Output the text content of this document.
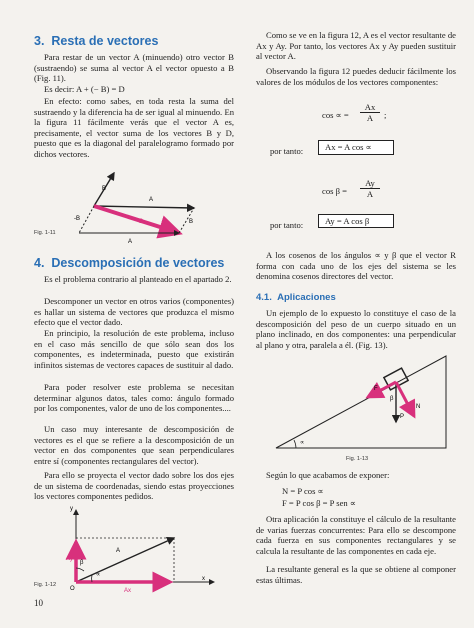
3. Resta de vectores
Para restar de un vector A (minuendo) otro vector B (sustraendo) se suma al vector A el vector opuesto a B (Fig. 11).
Es decir: A + (− B) = D
En efecto: como sabes, en toda resta la suma del sustraendo y la diferencia ha de ser igual al minuendo. En la figura 11 fácilmente verás que el vector A es, precisamente, el vector suma de los vectores B y D, puesto que es la diagonal del paralelogramo formado por dichos vectores.
B
A
-B	B
D
A
Fig. 1-11
4. Descomposición de vectores
Es el problema contrario al planteado en el apartado 2.
Descomponer un vector en otros varios (componentes) es hallar un sistema de vectores que produzca el mismo efecto que el vector dado.
En principio, la resolución de este problema, incluso en el caso más sencillo de que sólo sean dos los componentes, es indeterminada, puesto que existirán infinitos sistemas de vectores capaces de sustituir al dado.
Para poder resolver este problema se necesitan determinar algunos datos, tales como: ángulo formado por los componentes, valor de uno de los componentes....
Un caso muy interesante de descomposición de vectores es el que se refiere a la descomposición de un vector en dos componentes que sean perpendiculares entre sí (componentes rectangulares del vector).
Para ello se proyecta el vector dado sobre los dos ejes de un sistema de coordenadas, siendo estas proyecciones los vectores componentes pedidos.
y
x
O
A
Ay
Ax
β
∝
Fig. 1-12
10
Como se ve en la figura 12, A es el vector resultante de Ax y Ay. Por tanto, los vectores Ax y Ay pueden sustituir al vector A.
Observando la figura 12 puedes deducir fácilmente los valores de los módulos de los vectores componentes:
cos ∝ = $\frac{Ax}{A}$ ;
por tanto:	Ax = A cos ∝
$\cos \beta = \frac{Ay}{A}$
por tanto:	Ay = A cos β
A los cosenos de los ángulos ∝ y β que el vector R forma con cada uno de los ejes del sistema se les denomina cosenos directores del vector.
4.1. Aplicaciones
Un ejemplo de lo expuesto lo constituye el caso de la descomposición del peso de un cuerpo situado en un plano inclinado, en dos componentes: una perpendicular al plano y otra, paralela a él. (Fig. 13).
F
N
P
β
∝
Fig. 1-13
Según lo que acabamos de exponer:
N = P cos ∝
F = P cos β = P sen ∝
Otra aplicación la constituye el cálculo de la resultante de varias fuerzas concurrentes: Para ello se descompone cada fuerza en sus componentes rectangulares y se calcula la resultante de las componentes en cada eje.
La resultante general es la que se obtiene al componer estas últimas.
